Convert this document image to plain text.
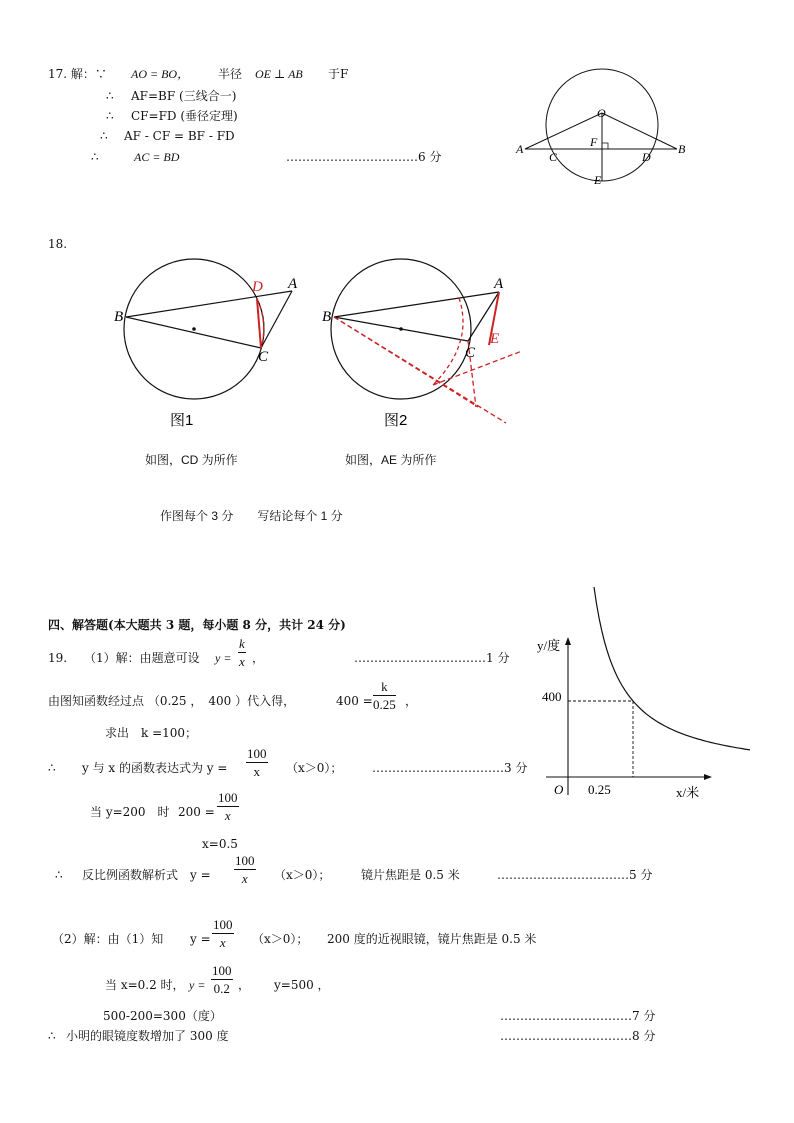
17. 解：∵ AO = BO， 半径 OE ⊥ AB 于F
∴ AF=BF (三线合一)
∴ CF=FD (垂径定理)
∴ AF - CF = BF - FD
∴	AC = BD	……………………………6 分
O
F
A	B
C	D
E
18.
B
A
D
C
图1
B
A
C
E
图2
如图，CD 为所作	如图，AE 为所作
作图每个 3 分　　写结论每个 1 分
四、解答题(本大题共 3 题，每小题 8 分，共计 24 分)
19. （1）解：由题意可设 $y = \frac{k}{x}$ ，	……………………………1 分
由图知函数经过点 （0.25 ，　400 ）代入得，	$400 = \frac{k}{0.25}$ ，
求出　k =100；
∴ y 与 x 的函数表达式为 $y = \frac{100}{x} (x>0)$； ……………………………3 分
当 y=200　时 $200 = \frac{100}{x}$
x=0.5
∴ 反比例函数解析式　$y = \frac{100}{x} (x>0)$；	镜片焦距是 0.5 米	……………………………5 分
（2）解：由（1）知 $y = \frac{100}{x} (x>0)$； 200 度的近视眼镜，镜片焦距是 0.5 米
当 x=0.2 时， $y = \frac{100}{0.2}$ ， y=500 ，
500-200=300（度）	……………………………7 分
∴ 小明的眼镜度数增加了 300 度	……………………………8 分
y/度
x/米
O
400
0.25
